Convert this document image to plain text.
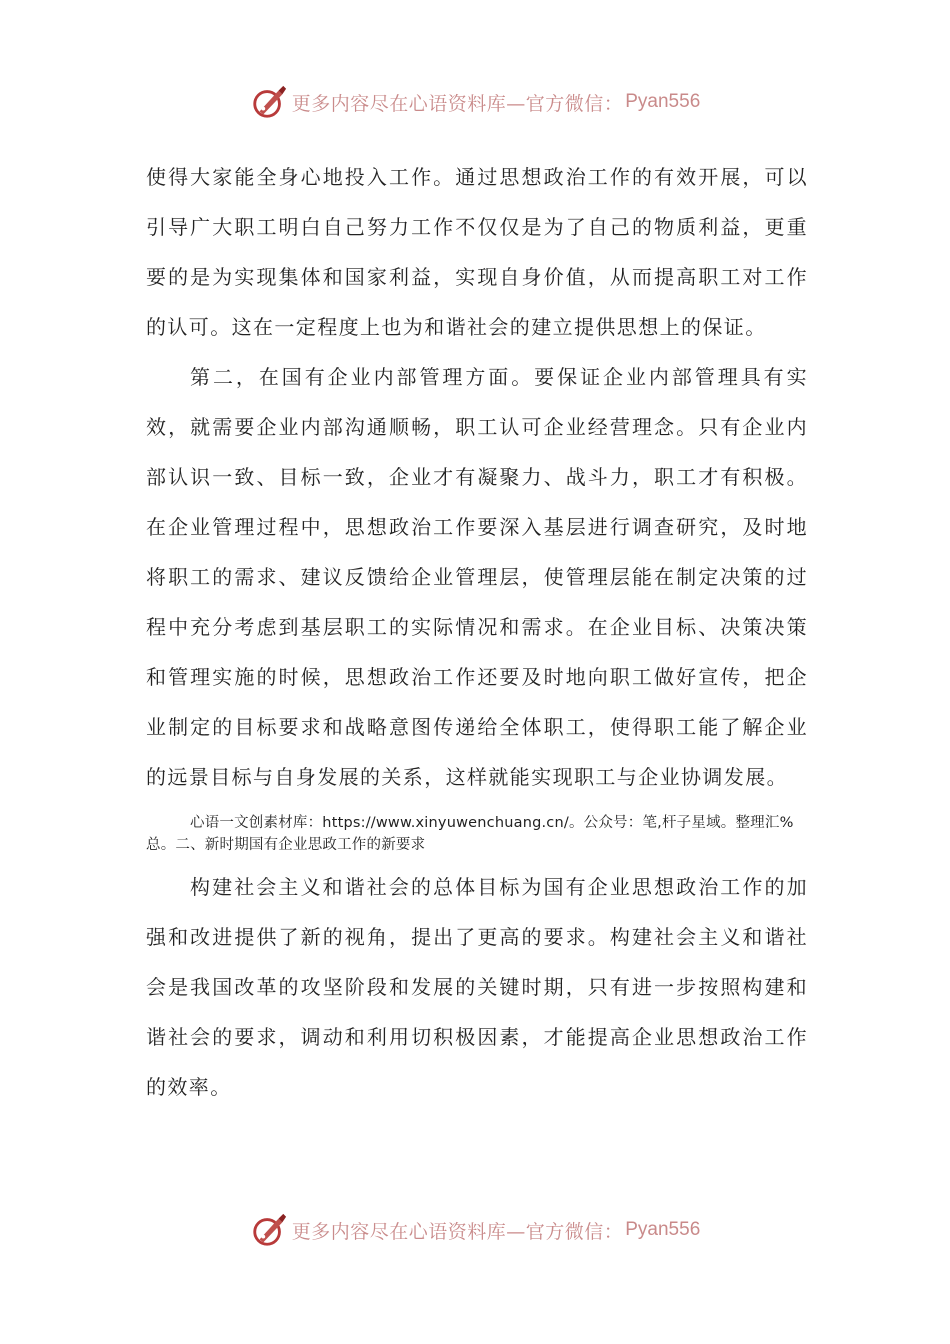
更多内容尽在心语资料库—官方微信： Pyan556

使得大家能全身心地投入工作。通过思想政治工作的有效开展，可以引导广大职工明白自己努力工作不仅仅是为了自己的物质利益，更重要的是为实现集体和国家利益，实现自身价值，从而提高职工对工作的认可。这在一定程度上也为和谐社会的建立提供思想上的保证。

第二，在国有企业内部管理方面。要保证企业内部管理具有实效，就需要企业内部沟通顺畅，职工认可企业经营理念。只有企业内部认识一致、目标一致，企业才有凝聚力、战斗力，职工才有积极。在企业管理过程中，思想政治工作要深入基层进行调查研究，及时地将职工的需求、建议反馈给企业管理层，使管理层能在制定决策的过程中充分考虑到基层职工的实际情况和需求。在企业目标、决策决策和管理实施的时候，思想政治工作还要及时地向职工做好宣传，把企业制定的目标要求和战略意图传递给全体职工，使得职工能了解企业的远景目标与自身发展的关系，这样就能实现职工与企业协调发展。

心语一文创素材库：https://www.xinyuwenchuang.cn/。公众号：笔,杆子星域。整理汇%总。二、新时期国有企业思政工作的新要求

构建社会主义和谐社会的总体目标为国有企业思想政治工作的加强和改进提供了新的视角，提出了更高的要求。构建社会主义和谐社会是我国改革的攻坚阶段和发展的关键时期，只有进一步按照构建和谐社会的要求，调动和利用切积极因素，才能提高企业思想政治工作的效率。

更多内容尽在心语资料库—官方微信： Pyan556
